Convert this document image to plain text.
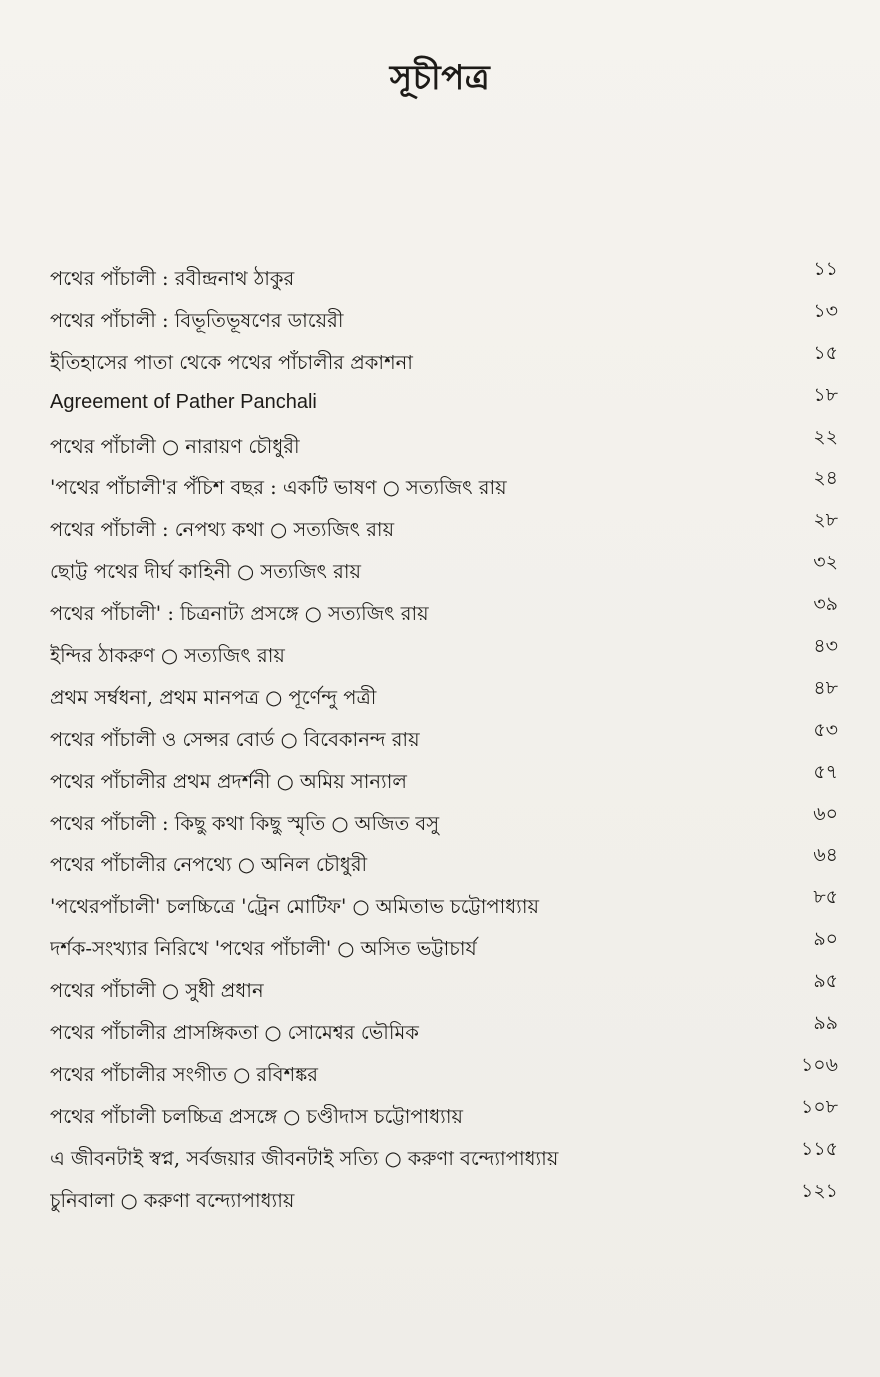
সূচীপত্র
১১
পথের পাঁচালী : রবীন্দ্রনাথ ঠাকুর
১৩
পথের পাঁচালী : বিভূতিভূষণের ডায়েরী
১৫
ইতিহাসের পাতা থেকে পথের পাঁচালীর প্রকাশনা
১৮
Agreement of Pather Panchali
২২
পথের পাঁচালী ○ নারায়ণ চৌধুরী
২৪
'পথের পাঁচালী'র পঁচিশ বছর : একটি ভাষণ ○ সত্যজিৎ রায়
২৮
পথের পাঁচালী : নেপথ্য কথা ○ সত্যজিৎ রায়
৩২
ছোট্ট পথের দীর্ঘ কাহিনী ○ সত্যজিৎ রায়
৩৯
পথের পাঁচালী' : চিত্রনাট্য প্রসঙ্গে ○ সত্যজিৎ রায়
৪৩
ইন্দির ঠাকরুণ ○ সত্যজিৎ রায়
৪৮
প্রথম সর্ম্বধনা, প্রথম মানপত্র ○ পূর্ণেন্দু পত্রী
৫৩
পথের পাঁচালী ও সেন্সর বোর্ড ○ বিবেকানন্দ রায়
৫৭
পথের পাঁচালীর প্রথম প্রদর্শনী ○ অমিয় সান্যাল
৬০
পথের পাঁচালী : কিছু কথা কিছু স্মৃতি ○ অজিত বসু
৬৪
পথের পাঁচালীর নেপথ্যে ○ অনিল চৌধুরী
৮৫
'পথেরপাঁচালী' চলচ্চিত্রে 'ট্রেন মোটিফ' ○ অমিতাভ চট্টোপাধ্যায়
৯০
দর্শক-সংখ্যার নিরিখে 'পথের পাঁচালী' ○ অসিত ভট্টাচার্য
৯৫
পথের পাঁচালী ○ সুধী প্রধান
৯৯
পথের পাঁচালীর প্রাসঙ্গিকতা ○ সোমেশ্বর ভৌমিক
১০৬
পথের পাঁচালীর সংগীত ○ রবিশঙ্কর
১০৮
পথের পাঁচালী চলচ্চিত্র প্রসঙ্গে ○ চণ্ডীদাস চট্টোপাধ্যায়
১১৫
এ জীবনটাই স্বপ্ন, সর্বজয়ার জীবনটাই সত্যি ○ করুণা বন্দ্যোপাধ্যায়
১২১
চুনিবালা ○ করুণা বন্দ্যোপাধ্যায়
